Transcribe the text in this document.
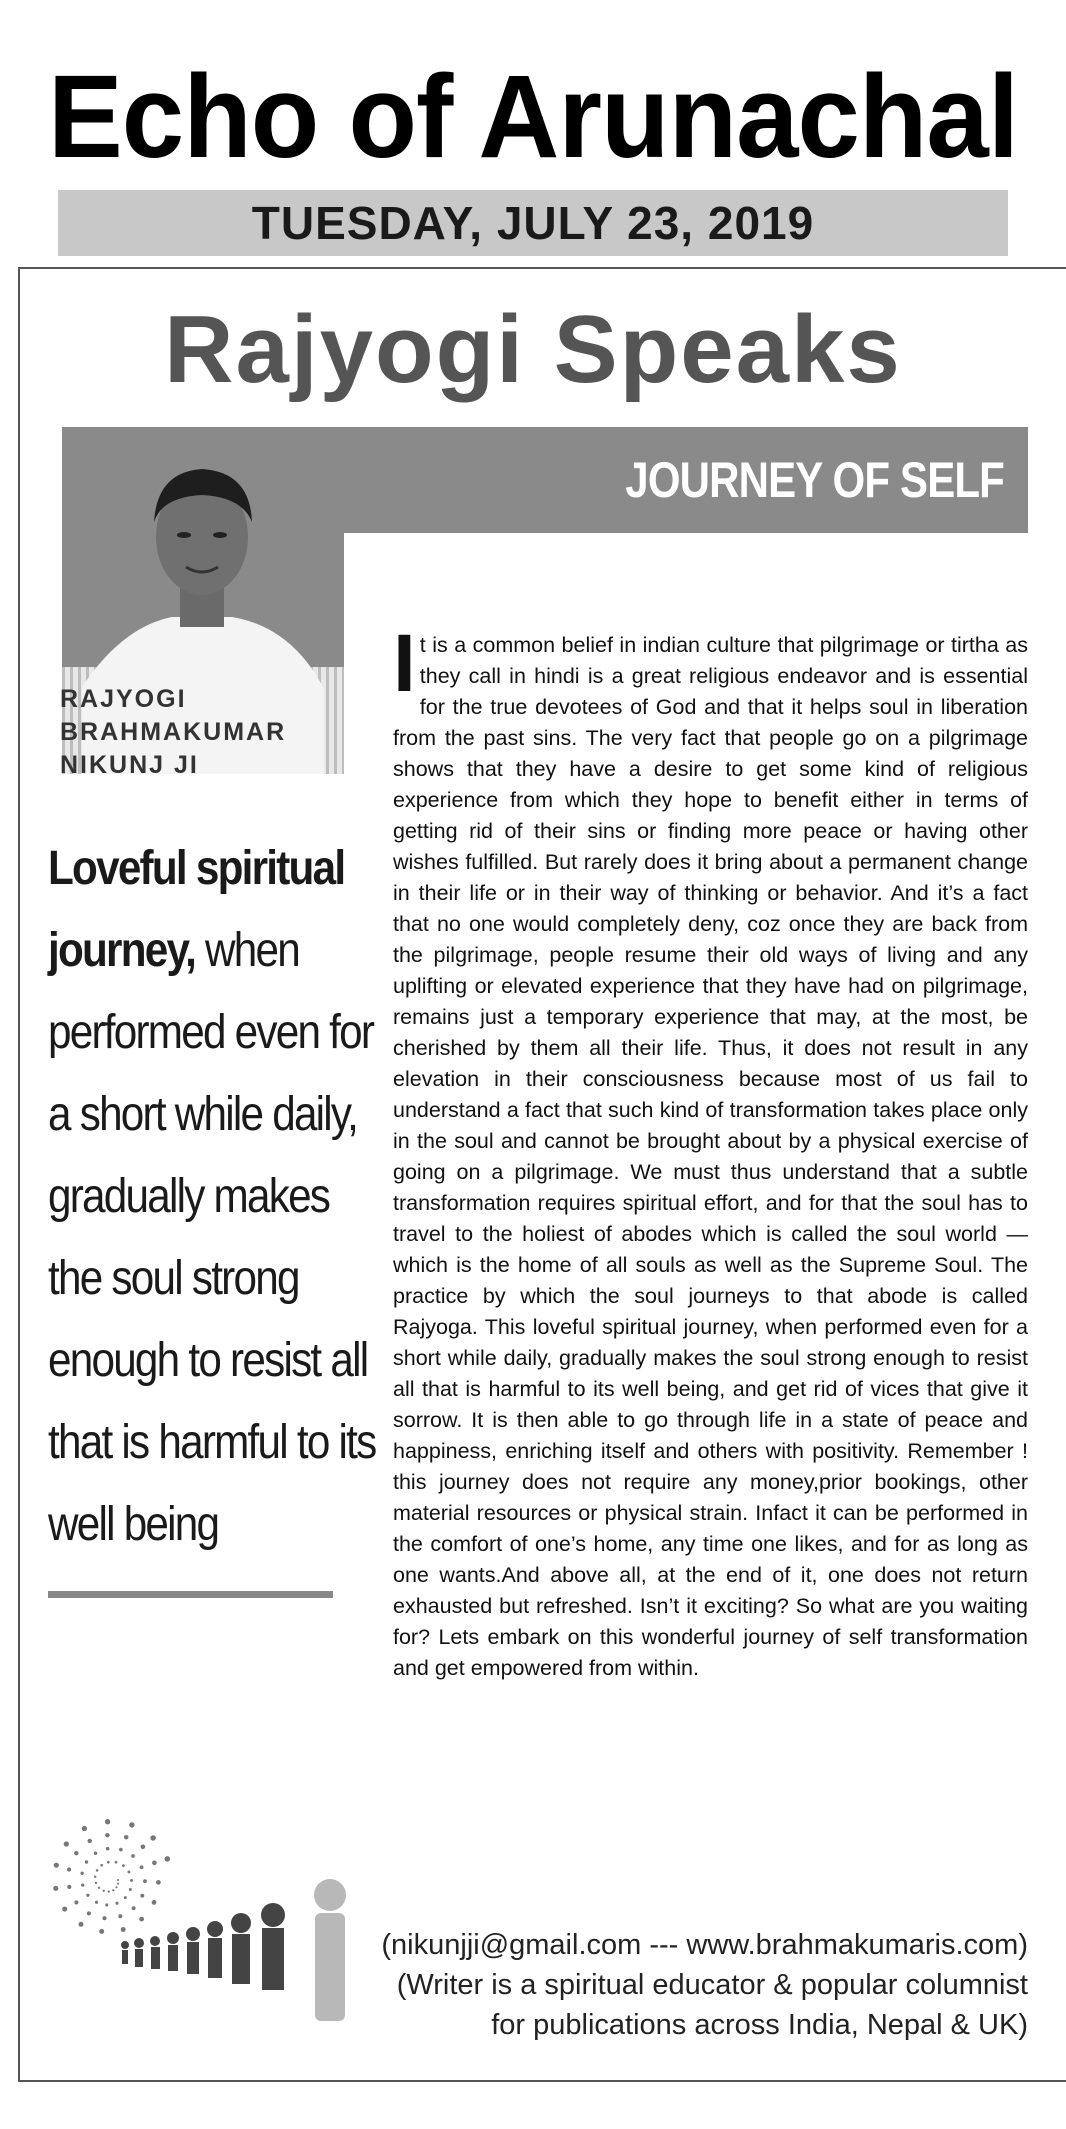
Echo of Arunachal
TUESDAY, JULY 23, 2019
Rajyogi Speaks
RAJYOGI
BRAHMAKUMAR
NIKUNJ JI
JOURNEY OF SELF TRANSFORMATION
Loveful spiritual journey, when performed even for a short while daily, gradually makes the soul strong enough to resist all that is harmful to its well being
It is a common belief in indian culture that pilgrimage or tirtha as they call in hindi is a great religious endeavor and is essential for the true devotees of God and that it helps soul in liberation from the past sins. The very fact that people go on a pilgrimage shows that they have a desire to get some kind of religious experience from which they hope to benefit either in terms of getting rid of their sins or finding more peace or having other wishes fulfilled. But rarely does it bring about a permanent change in their life or in their way of thinking or behavior. And it’s a fact that no one would completely deny, coz once they are back from the pilgrimage, people resume their old ways of living and any uplifting or elevated experience that they have had on pilgrimage, remains just a temporary experience that may, at the most, be cherished by them all their life. Thus, it does not result in any elevation in their consciousness because most of us fail to understand a fact that such kind of transformation takes place only in the soul and cannot be brought about by a physical exercise of going on a pilgrimage. We must thus understand that a subtle transformation requires spiritual effort, and for that the soul has to travel to the holiest of abodes which is called the soul world — which is the home of all souls as well as the Supreme Soul. The practice by which the soul journeys to that abode is called Rajyoga. This loveful spiritual journey, when performed even for a short while daily, gradually makes the soul strong enough to resist all that is harmful to its well being, and get rid of vices that give it sorrow. It is then able to go through life in a state of peace and happiness, enriching itself and others with positivity. Remember ! this journey does not require any money,prior bookings, other material resources or physical strain. Infact it can be performed in the comfort of one’s home, any time one likes, and for as long as one wants.And above all, at the end of it, one does not return exhausted but refreshed. Isn’t it exciting? So what are you waiting for? Lets embark on this wonderful journey of self transformation and get empowered from within.
(nikunjji@gmail.com --- www.brahmakumaris.com)
(Writer is a spiritual educator & popular columnist
for publications across India, Nepal & UK)
